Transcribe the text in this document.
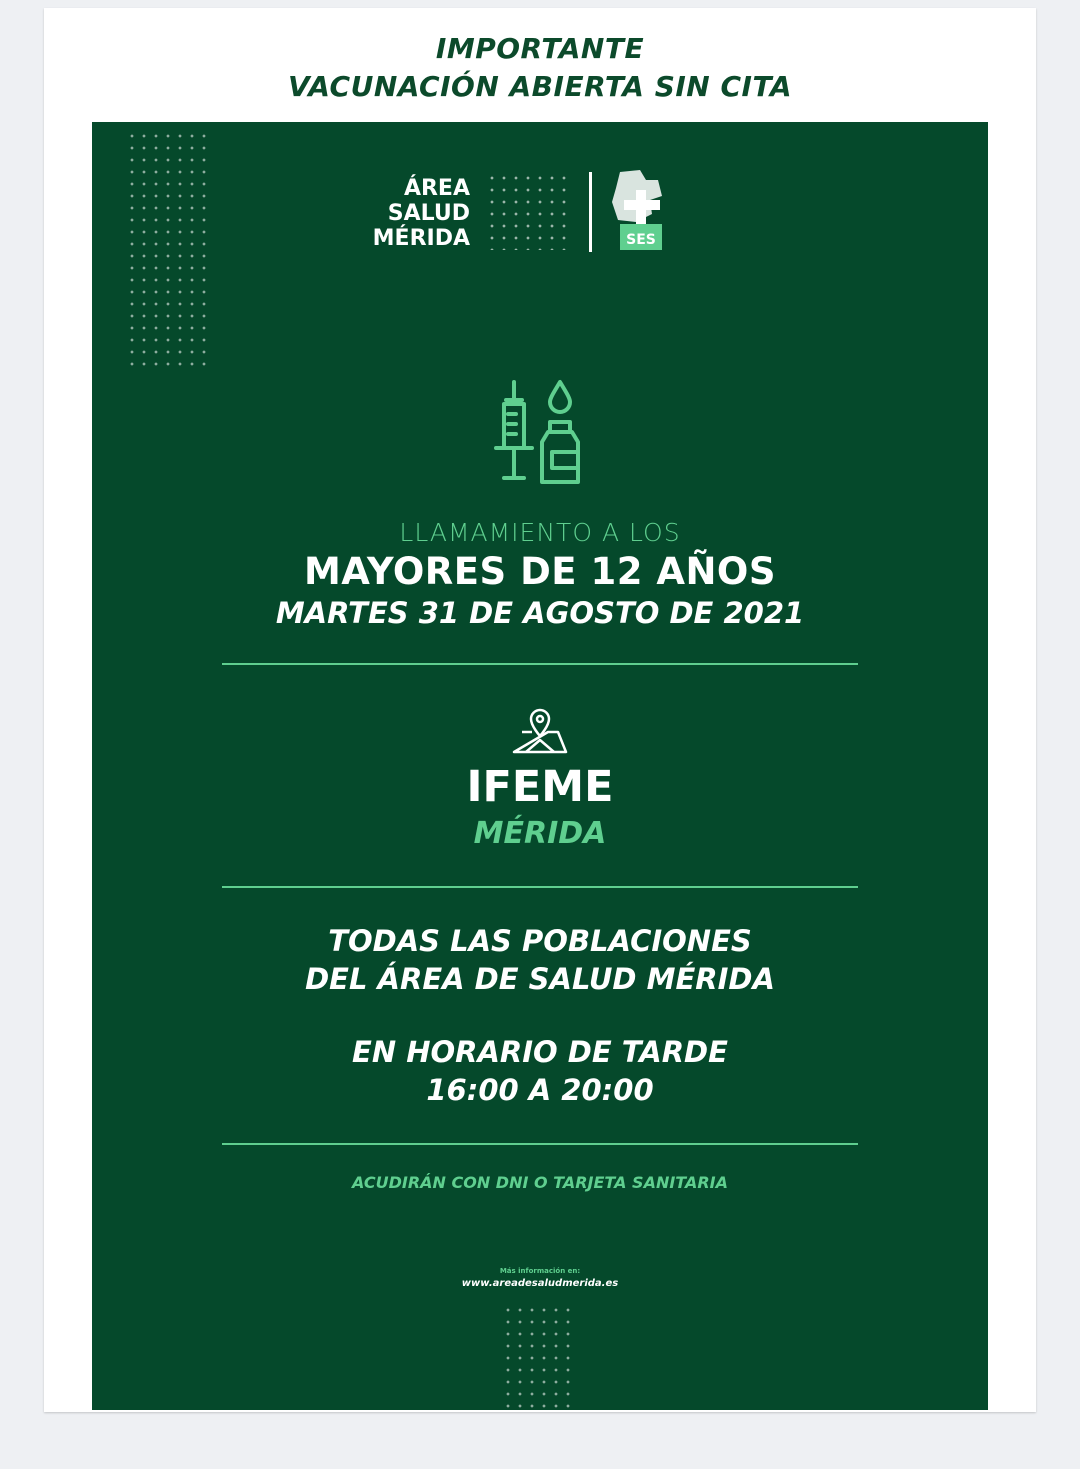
IMPORTANTE
VACUNACIÓN ABIERTA SIN CITA
ÁREA
SALUD
MÉRIDA	SES
LLAMAMIENTO A LOS
MAYORES DE 12 AÑOS
MARTES 31 DE AGOSTO DE 2021
IFEME
MÉRIDA
TODAS LAS POBLACIONES
DEL ÁREA DE SALUD MÉRIDA
EN HORARIO DE TARDE
16:00 A 20:00
ACUDIRÁN CON DNI O TARJETA SANITARIA
Más información en:
www.areadesaludmerida.es
